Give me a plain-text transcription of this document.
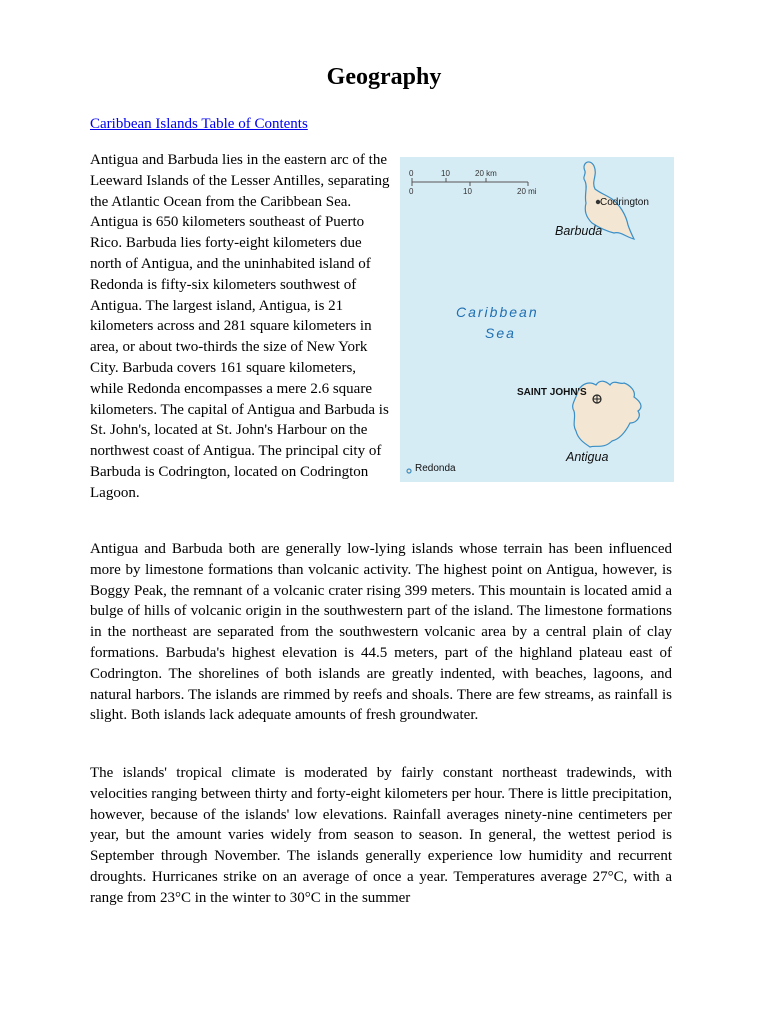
Geography
Caribbean Islands Table of Contents

Antigua and Barbuda lies in the eastern arc of the Leeward Islands of the Lesser Antilles, separating the Atlantic Ocean from the Caribbean Sea. Antigua is 650 kilometers southeast of Puerto Rico. Barbuda lies forty-eight kilometers due north of Antigua, and the uninhabited island of Redonda is fifty-six kilometers southwest of Antigua. The largest island, Antigua, is 21 kilometers across and 281 square kilometers in area, or about two-thirds the size of New York City. Barbuda covers 161 square kilometers, while Redonda encompasses a mere 2.6 square kilometers. The capital of Antigua and Barbuda is St. John's, located at St. John's Harbour on the northwest coast of Antigua. The principal city of Barbuda is Codrington, located on Codrington Lagoon.

0	10	20 km
0	10	20 mi
Codrington
Barbuda
Caribbean
Sea
SAINT JOHN'S
Antigua
Redonda

Antigua and Barbuda both are generally low-lying islands whose terrain has been influenced more by limestone formations than volcanic activity. The highest point on Antigua, however, is Boggy Peak, the remnant of a volcanic crater rising 399 meters. This mountain is located amid a bulge of hills of volcanic origin in the southwestern part of the island. The limestone formations in the northeast are separated from the southwestern volcanic area by a central plain of clay formations. Barbuda's highest elevation is 44.5 meters, part of the highland plateau east of Codrington. The shorelines of both islands are greatly indented, with beaches, lagoons, and natural harbors. The islands are rimmed by reefs and shoals. There are few streams, as rainfall is slight. Both islands lack adequate amounts of fresh groundwater.

The islands' tropical climate is moderated by fairly constant northeast tradewinds, with velocities ranging between thirty and forty-eight kilometers per hour. There is little precipitation, however, because of the islands' low elevations. Rainfall averages ninety-nine centimeters per year, but the amount varies widely from season to season. In general, the wettest period is September through November. The islands generally experience low humidity and recurrent droughts. Hurricanes strike on an average of once a year. Temperatures average 27°C, with a range from 23°C in the winter to 30°C in the summer
